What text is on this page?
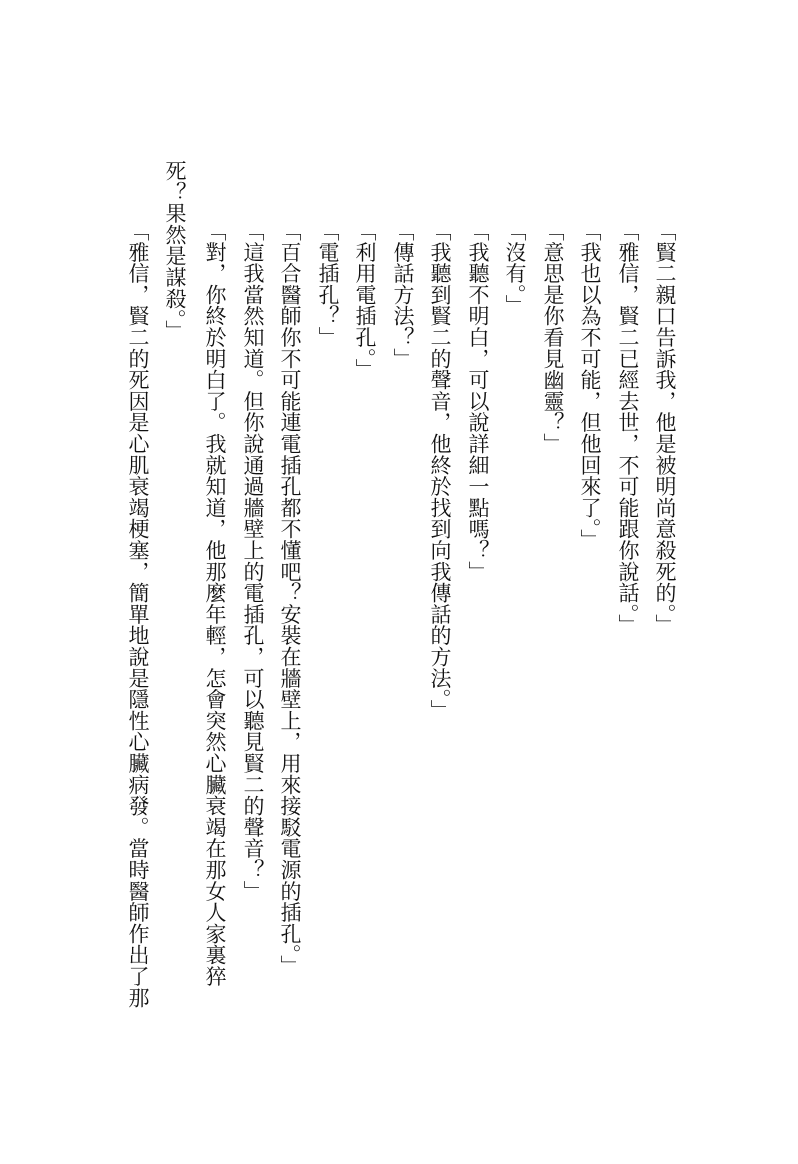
「賢二親口告訴我，他是被明尚意殺死的。」
「雅信，賢二已經去世，不可能跟你說話。」
「我也以為不可能，但他回來了。」
「意思是你看見幽靈？」
「沒有。」
「我聽不明白，可以說詳細一點嗎？」
「我聽到賢二的聲音，他終於找到向我傳話的方法。」
「傳話方法？」
「利用電插孔。」
「電插孔？」
「百合醫師你不可能連電插孔都不懂吧？安裝在牆壁上，用來接駁電源的插孔。」
「這我當然知道。但你說通過牆壁上的電插孔，可以聽見賢二的聲音？」
「對，你終於明白了。我就知道，他那麼年輕，怎會突然心臟衰竭在那女人家裏猝
死？果然是謀殺。」
「雅信，賢二的死因是心肌衰竭梗塞，簡單地說是隱性心臟病發。當時醫師作出了那
